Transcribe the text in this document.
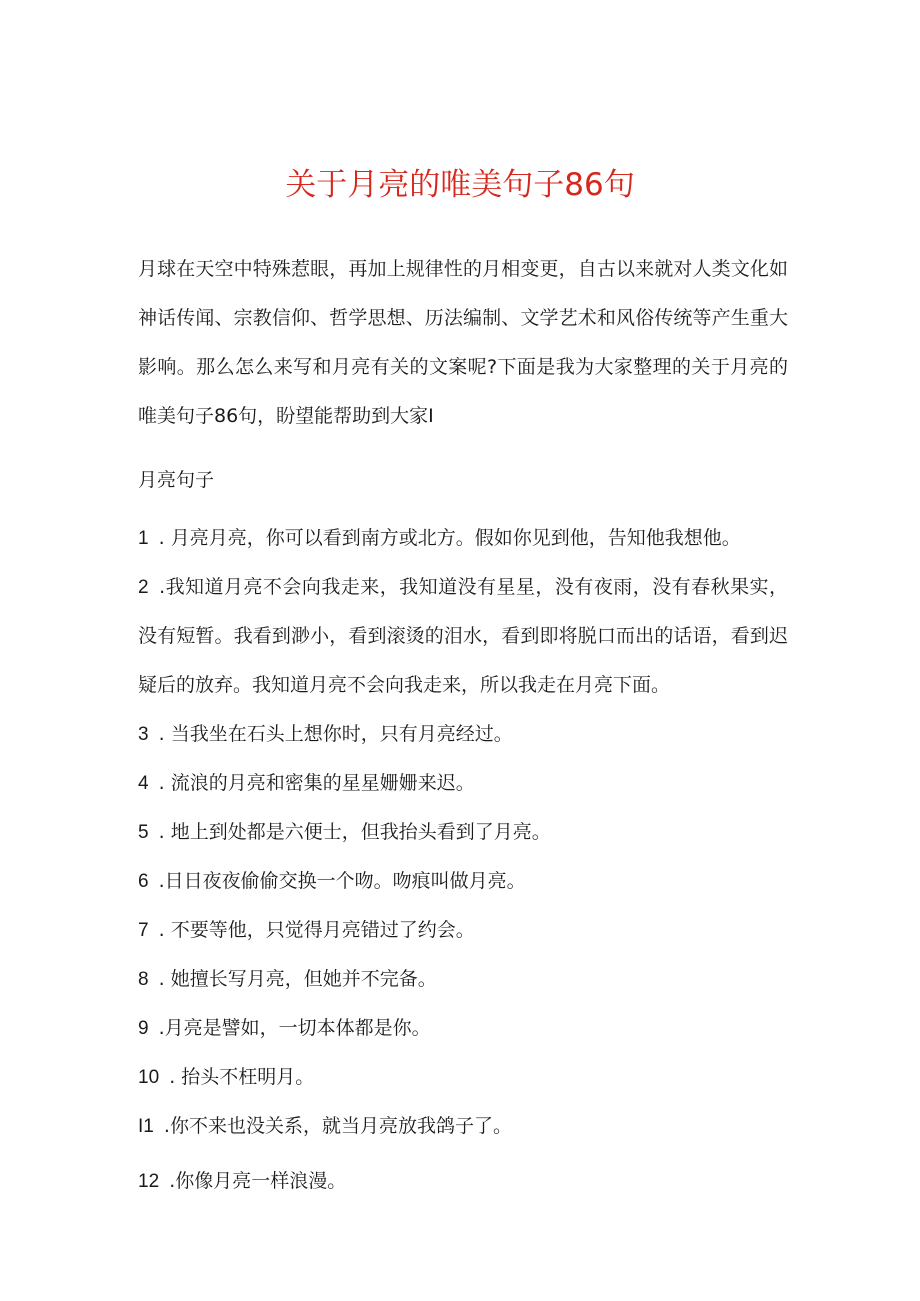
关于月亮的唯美句子86句

月球在天空中特殊惹眼，再加上规律性的月相变更，自古以来就对人类文化如神话传闻、宗教信仰、哲学思想、历法编制、文学艺术和风俗传统等产生重大影响。那么怎么来写和月亮有关的文案呢?下面是我为大家整理的关于月亮的唯美句子86句，盼望能帮助到大家I

月亮句子
1 . 月亮月亮，你可以看到南方或北方。假如你见到他，告知他我想他。
2 .我知道月亮不会向我走来，我知道没有星星，没有夜雨，没有春秋果实，没有短暂。我看到渺小，看到滚烫的泪水，看到即将脱口而出的话语，看到迟疑后的放弃。我知道月亮不会向我走来，所以我走在月亮下面。
3 . 当我坐在石头上想你时，只有月亮经过。
4 . 流浪的月亮和密集的星星姗姗来迟。
5 . 地上到处都是六便士，但我抬头看到了月亮。
6 .日日夜夜偷偷交换一个吻。吻痕叫做月亮。
7 . 不要等他，只觉得月亮错过了约会。
8 . 她擅长写月亮，但她并不完备。
9 .月亮是譬如，一切本体都是你。
10 . 抬头不枉明月。
I1 .你不来也没关系，就当月亮放我鸽子了。
12 .你像月亮一样浪漫。
